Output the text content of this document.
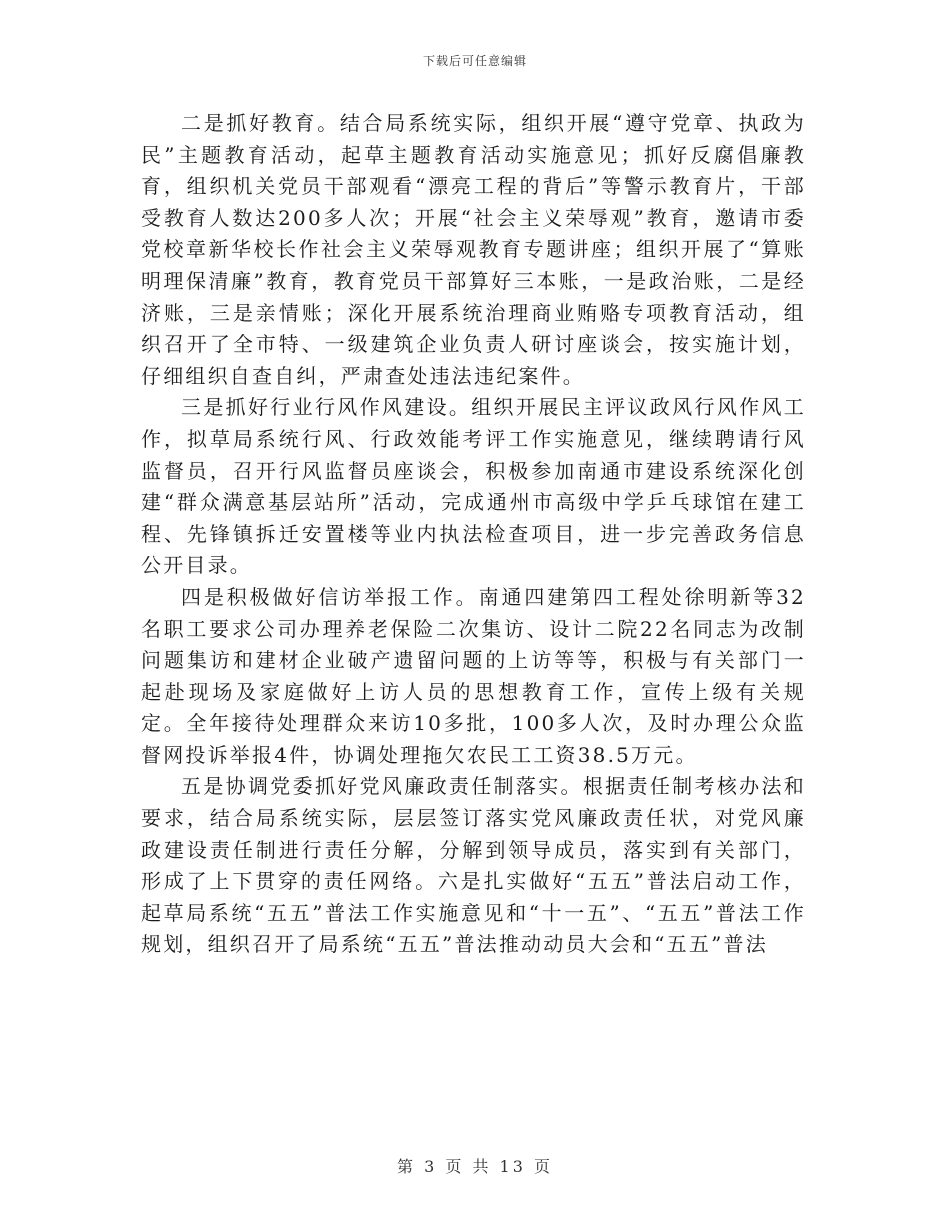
下载后可任意编辑

二是抓好教育。结合局系统实际，组织开展“遵守党章、执政为民”主题教育活动，起草主题教育活动实施意见；抓好反腐倡廉教育，组织机关党员干部观看“漂亮工程的背后”等警示教育片，干部受教育人数达200多人次；开展“社会主义荣辱观”教育，邀请市委党校章新华校长作社会主义荣辱观教育专题讲座；组织开展了“算账明理保清廉”教育，教育党员干部算好三本账，一是政治账，二是经济账，三是亲情账；深化开展系统治理商业贿赂专项教育活动，组织召开了全市特、一级建筑企业负责人研讨座谈会，按实施计划，仔细组织自查自纠，严肃查处违法违纪案件。

三是抓好行业行风作风建设。组织开展民主评议政风行风作风工作，拟草局系统行风、行政效能考评工作实施意见，继续聘请行风监督员，召开行风监督员座谈会，积极参加南通市建设系统深化创建“群众满意基层站所”活动，完成通州市高级中学乒乓球馆在建工程、先锋镇拆迁安置楼等业内执法检查项目，进一步完善政务信息公开目录。

四是积极做好信访举报工作。南通四建第四工程处徐明新等32名职工要求公司办理养老保险二次集访、设计二院22名同志为改制问题集访和建材企业破产遗留问题的上访等等，积极与有关部门一起赴现场及家庭做好上访人员的思想教育工作，宣传上级有关规定。全年接待处理群众来访10多批，100多人次，及时办理公众监督网投诉举报4件，协调处理拖欠农民工工资38.5万元。

五是协调党委抓好党风廉政责任制落实。根据责任制考核办法和要求，结合局系统实际，层层签订落实党风廉政责任状，对党风廉政建设责任制进行责任分解，分解到领导成员，落实到有关部门，形成了上下贯穿的责任网络。六是扎实做好“五五”普法启动工作，起草局系统“五五”普法工作实施意见和“十一五”、“五五”普法工作规划，组织召开了局系统“五五”普法推动动员大会和“五五”普法

第 3 页 共 13 页
